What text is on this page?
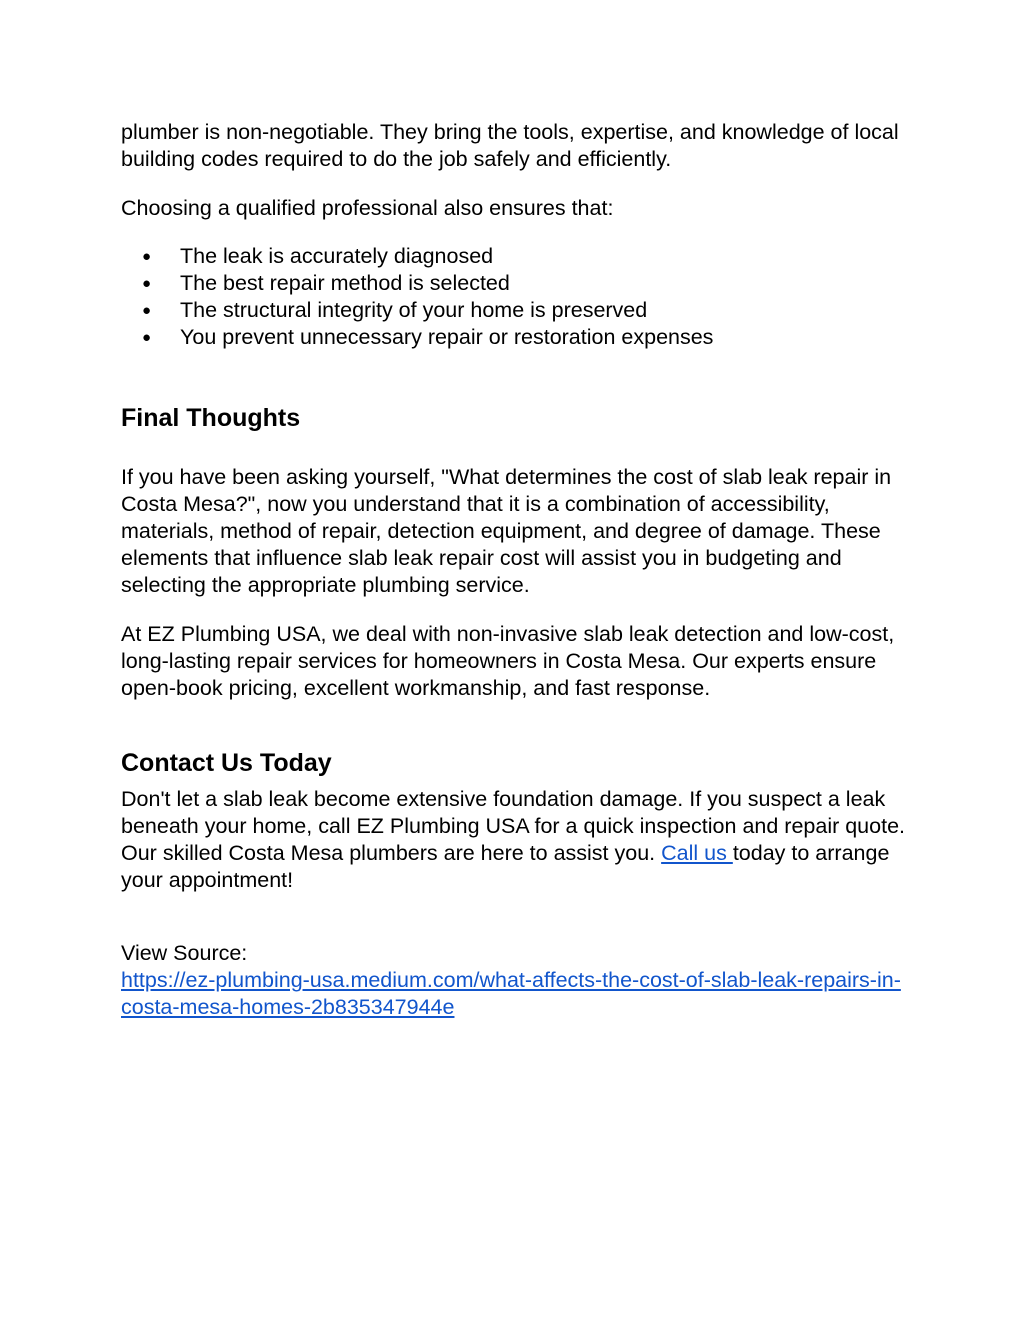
plumber is non-negotiable. They bring the tools, expertise, and knowledge of local building codes required to do the job safely and efficiently.

Choosing a qualified professional also ensures that:

● The leak is accurately diagnosed
● The best repair method is selected
● The structural integrity of your home is preserved
● You prevent unnecessary repair or restoration expenses
Final Thoughts

If you have been asking yourself, "What determines the cost of slab leak repair in Costa Mesa?", now you understand that it is a combination of accessibility, materials, method of repair, detection equipment, and degree of damage. These elements that influence slab leak repair cost will assist you in budgeting and selecting the appropriate plumbing service.

At EZ Plumbing USA, we deal with non-invasive slab leak detection and low-cost, long-lasting repair services for homeowners in Costa Mesa. Our experts ensure open-book pricing, excellent workmanship, and fast response.

Contact Us Today

Don't let a slab leak become extensive foundation damage. If you suspect a leak beneath your home, call EZ Plumbing USA for a quick inspection and repair quote. Our skilled Costa Mesa plumbers are here to assist you. Call us today to arrange your appointment!

View Source:

https://ez-plumbing-usa.medium.com/what-affects-the-cost-of-slab-leak-repairs-in-costa-mesa-homes-2b835347944e
